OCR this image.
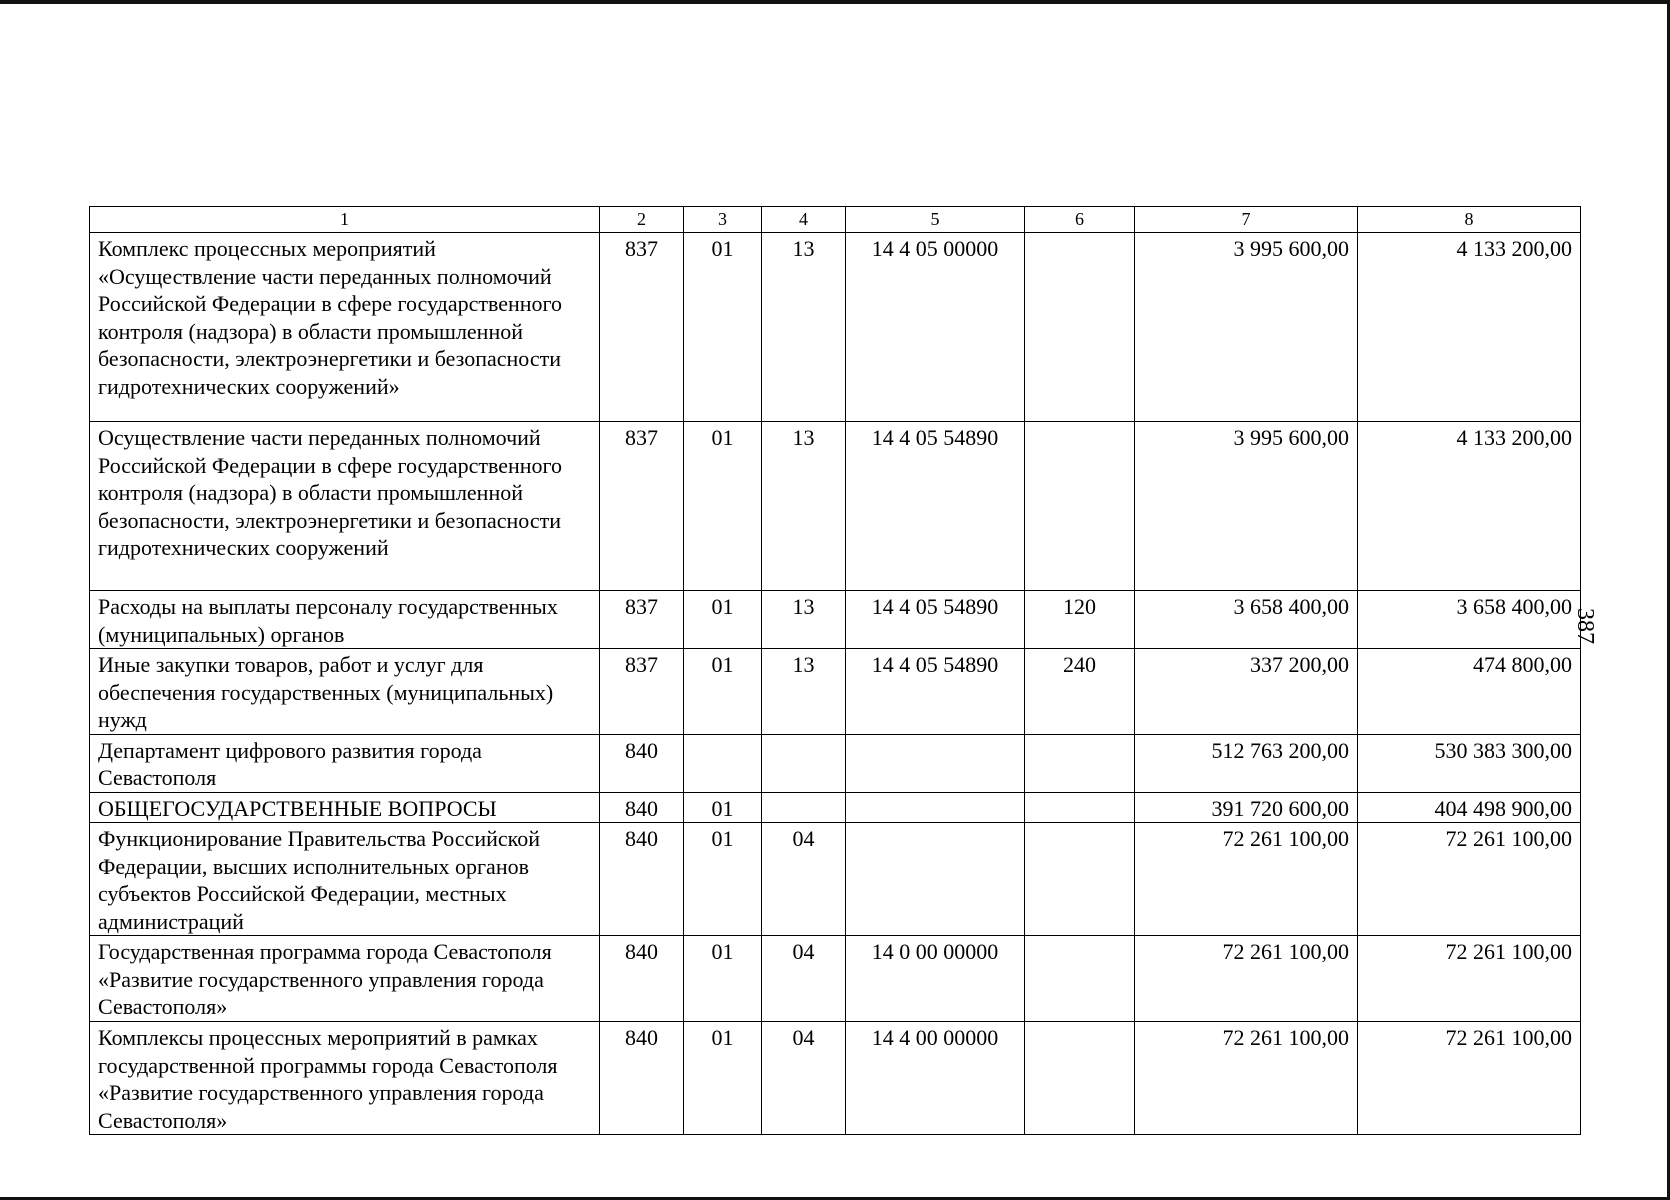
387
1	2	3	4	5	6	7	8
Комплекс процессных мероприятий «Осуществление части переданных полномочий Российской Федерации в сфере государственного контроля (надзора) в области промышленной безопасности, электроэнергетики и безопасности гидротехнических сооружений»	837	01	13	14 4 05 00000		3 995 600,00	4 133 200,00
Осуществление части переданных полномочий Российской Федерации в сфере государственного контроля (надзора) в области промышленной безопасности, электроэнергетики и безопасности гидротехнических сооружений	837	01	13	14 4 05 54890		3 995 600,00	4 133 200,00
Расходы на выплаты персоналу государственных (муниципальных) органов	837	01	13	14 4 05 54890	120	3 658 400,00	3 658 400,00
Иные закупки товаров, работ и услуг для обеспечения государственных (муниципальных) нужд	837	01	13	14 4 05 54890	240	337 200,00	474 800,00
Департамент цифрового развития города Севастополя	840					512 763 200,00	530 383 300,00
ОБЩЕГОСУДАРСТВЕННЫЕ ВОПРОСЫ	840	01				391 720 600,00	404 498 900,00
Функционирование Правительства Российской Федерации, высших исполнительных органов субъектов Российской Федерации, местных администраций	840	01	04			72 261 100,00	72 261 100,00
Государственная программа города Севастополя «Развитие государственного управления города Севастополя»	840	01	04	14 0 00 00000		72 261 100,00	72 261 100,00
Комплексы процессных мероприятий в рамках государственной программы города Севастополя «Развитие государственного управления города Севастополя»	840	01	04	14 4 00 00000		72 261 100,00	72 261 100,00
